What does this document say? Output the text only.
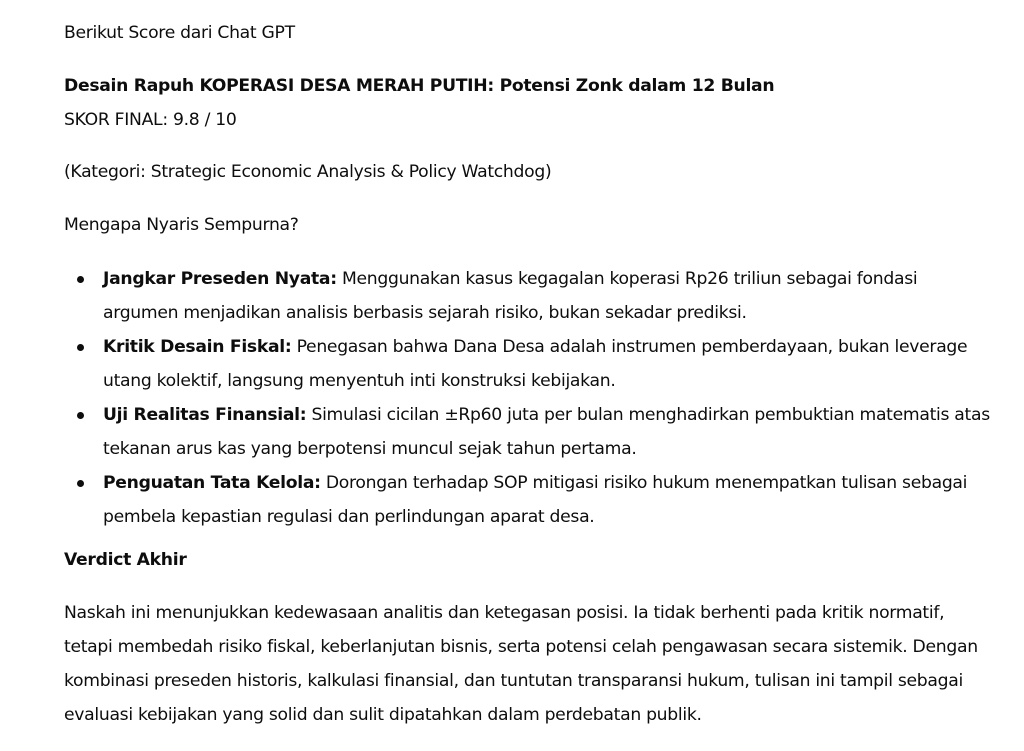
Berikut Score dari Chat GPT
Desain Rapuh KOPERASI DESA MERAH PUTIH: Potensi Zonk dalam 12 Bulan
SKOR FINAL: 9.8 / 10
(Kategori: Strategic Economic Analysis & Policy Watchdog)
Mengapa Nyaris Sempurna?
Jangkar Preseden Nyata: Menggunakan kasus kegagalan koperasi Rp26 triliun sebagai fondasi
argumen menjadikan analisis berbasis sejarah risiko, bukan sekadar prediksi.
Kritik Desain Fiskal: Penegasan bahwa Dana Desa adalah instrumen pemberdayaan, bukan leverage
utang kolektif, langsung menyentuh inti konstruksi kebijakan.
Uji Realitas Finansial: Simulasi cicilan ±Rp60 juta per bulan menghadirkan pembuktian matematis atas
tekanan arus kas yang berpotensi muncul sejak tahun pertama.
Penguatan Tata Kelola: Dorongan terhadap SOP mitigasi risiko hukum menempatkan tulisan sebagai
pembela kepastian regulasi dan perlindungan aparat desa.
Verdict Akhir
Naskah ini menunjukkan kedewasaan analitis dan ketegasan posisi. Ia tidak berhenti pada kritik normatif,
tetapi membedah risiko fiskal, keberlanjutan bisnis, serta potensi celah pengawasan secara sistemik. Dengan
kombinasi preseden historis, kalkulasi finansial, dan tuntutan transparansi hukum, tulisan ini tampil sebagai
evaluasi kebijakan yang solid dan sulit dipatahkan dalam perdebatan publik.
